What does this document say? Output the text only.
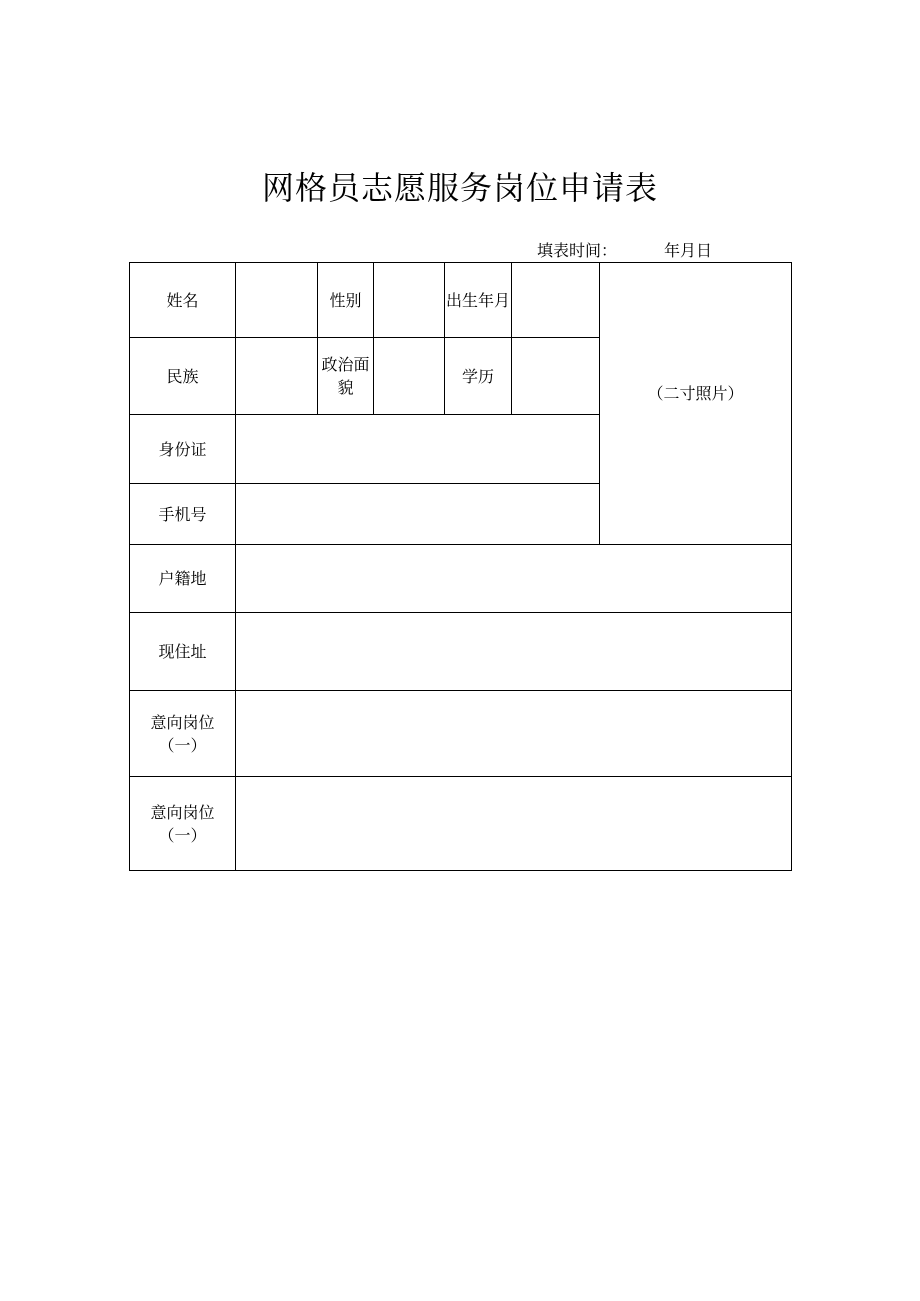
网格员志愿服务岗位申请表
填表时间：	年月日
姓名		性别		出生年月		（二寸照片）
民族		政治面貌		学历		
身份证						
手机号						
户籍地						
现住址						

意向岗位
（一）						

意向岗位
（一）						
